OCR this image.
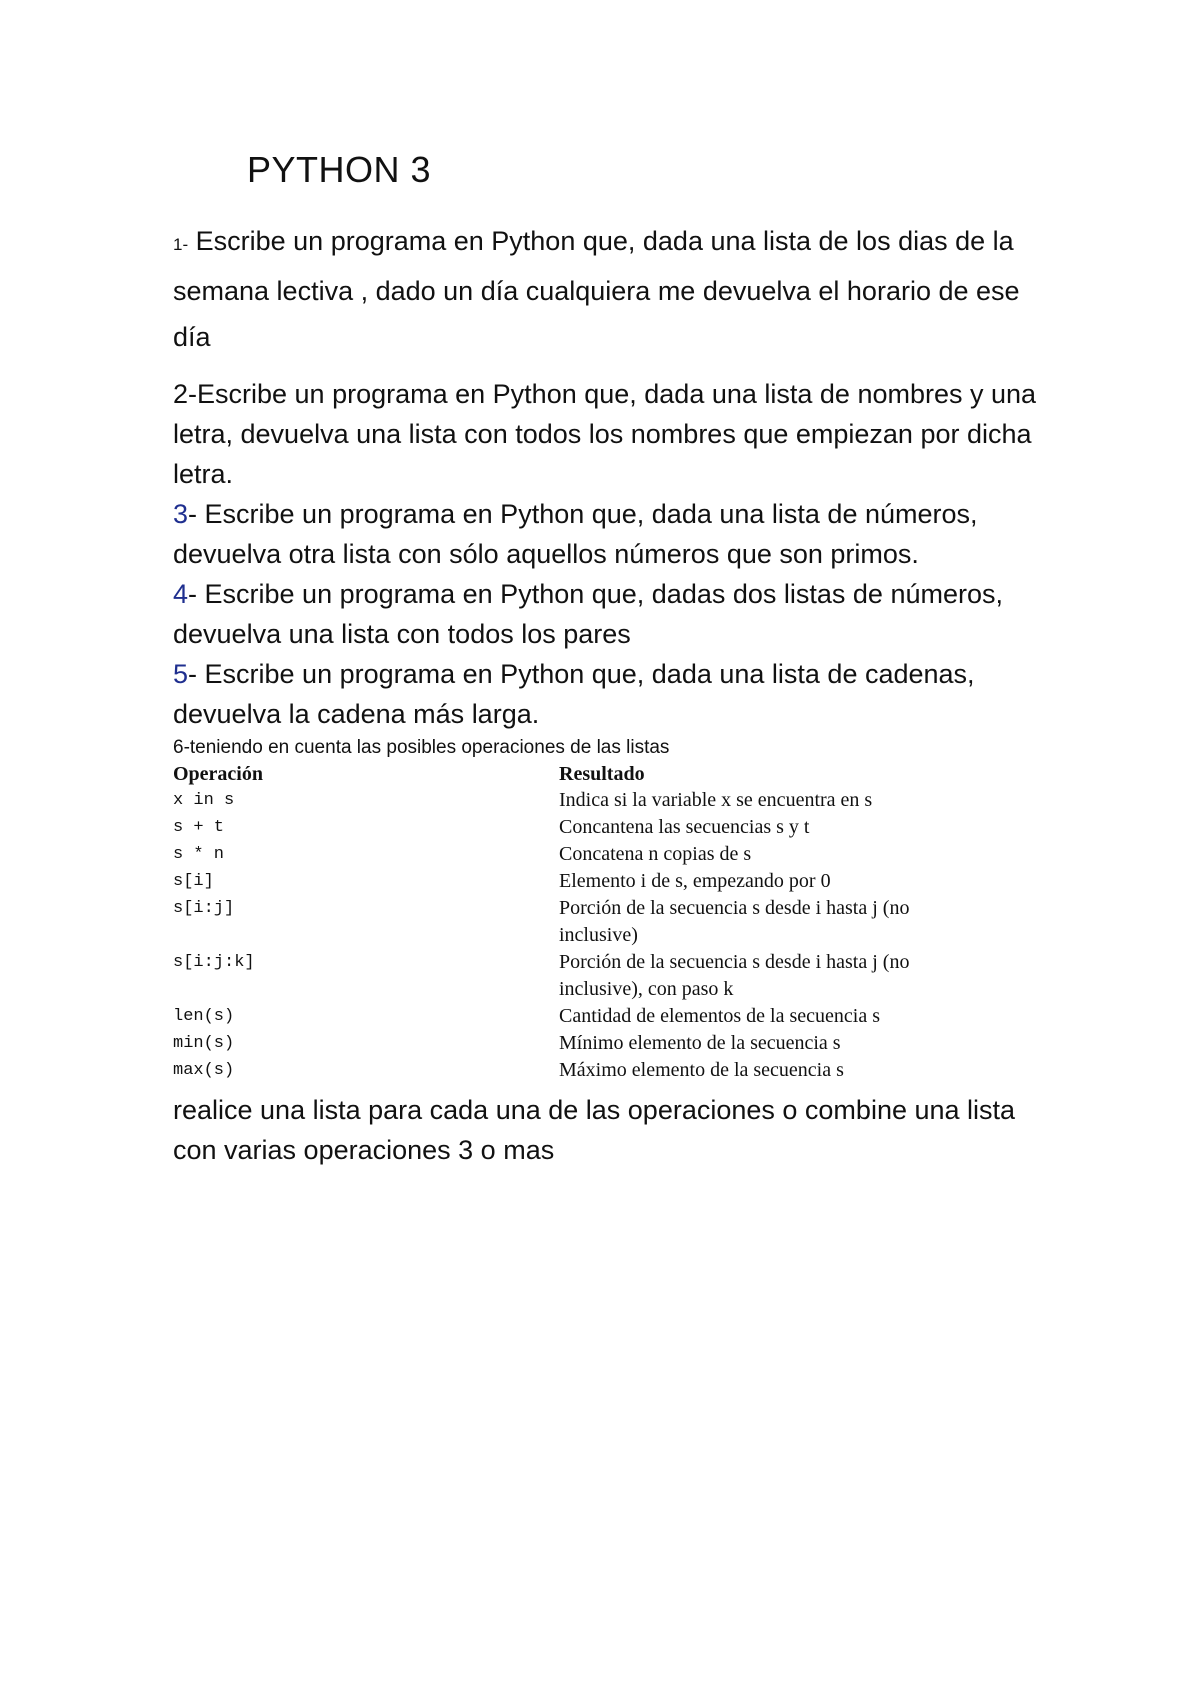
PYTHON 3

1- Escribe un programa en Python que, dada una lista de los dias de la semana lectiva , dado un día cualquiera me devuelva el horario de ese día

2-Escribe un programa en Python que, dada una lista de nombres y una letra, devuelva una lista con todos los nombres que empiezan por dicha letra.

3- Escribe un programa en Python que, dada una lista de números, devuelva otra lista con sólo aquellos números que son primos.

4- Escribe un programa en Python que, dadas dos listas de números, devuelva una lista con todos los pares

5- Escribe un programa en Python que, dada una lista de cadenas, devuelva la cadena más larga.

6-teniendo en cuenta las posibles operaciones de las listas

Operación	Resultado
x in s	Indica si la variable x se encuentra en s
s + t	Concantena las secuencias s y t
s * n	Concatena n copias de s
s[i]	Elemento i de s, empezando por 0
s[i:j]	Porción de la secuencia s desde i hasta j (no inclusive)
s[i:j:k]	Porción de la secuencia s desde i hasta j (no inclusive), con paso k
len(s)	Cantidad de elementos de la secuencia s
min(s)	Mínimo elemento de la secuencia s
max(s)	Máximo elemento de la secuencia s

realice una lista para cada una de las operaciones o combine una lista con varias operaciones 3 o mas
